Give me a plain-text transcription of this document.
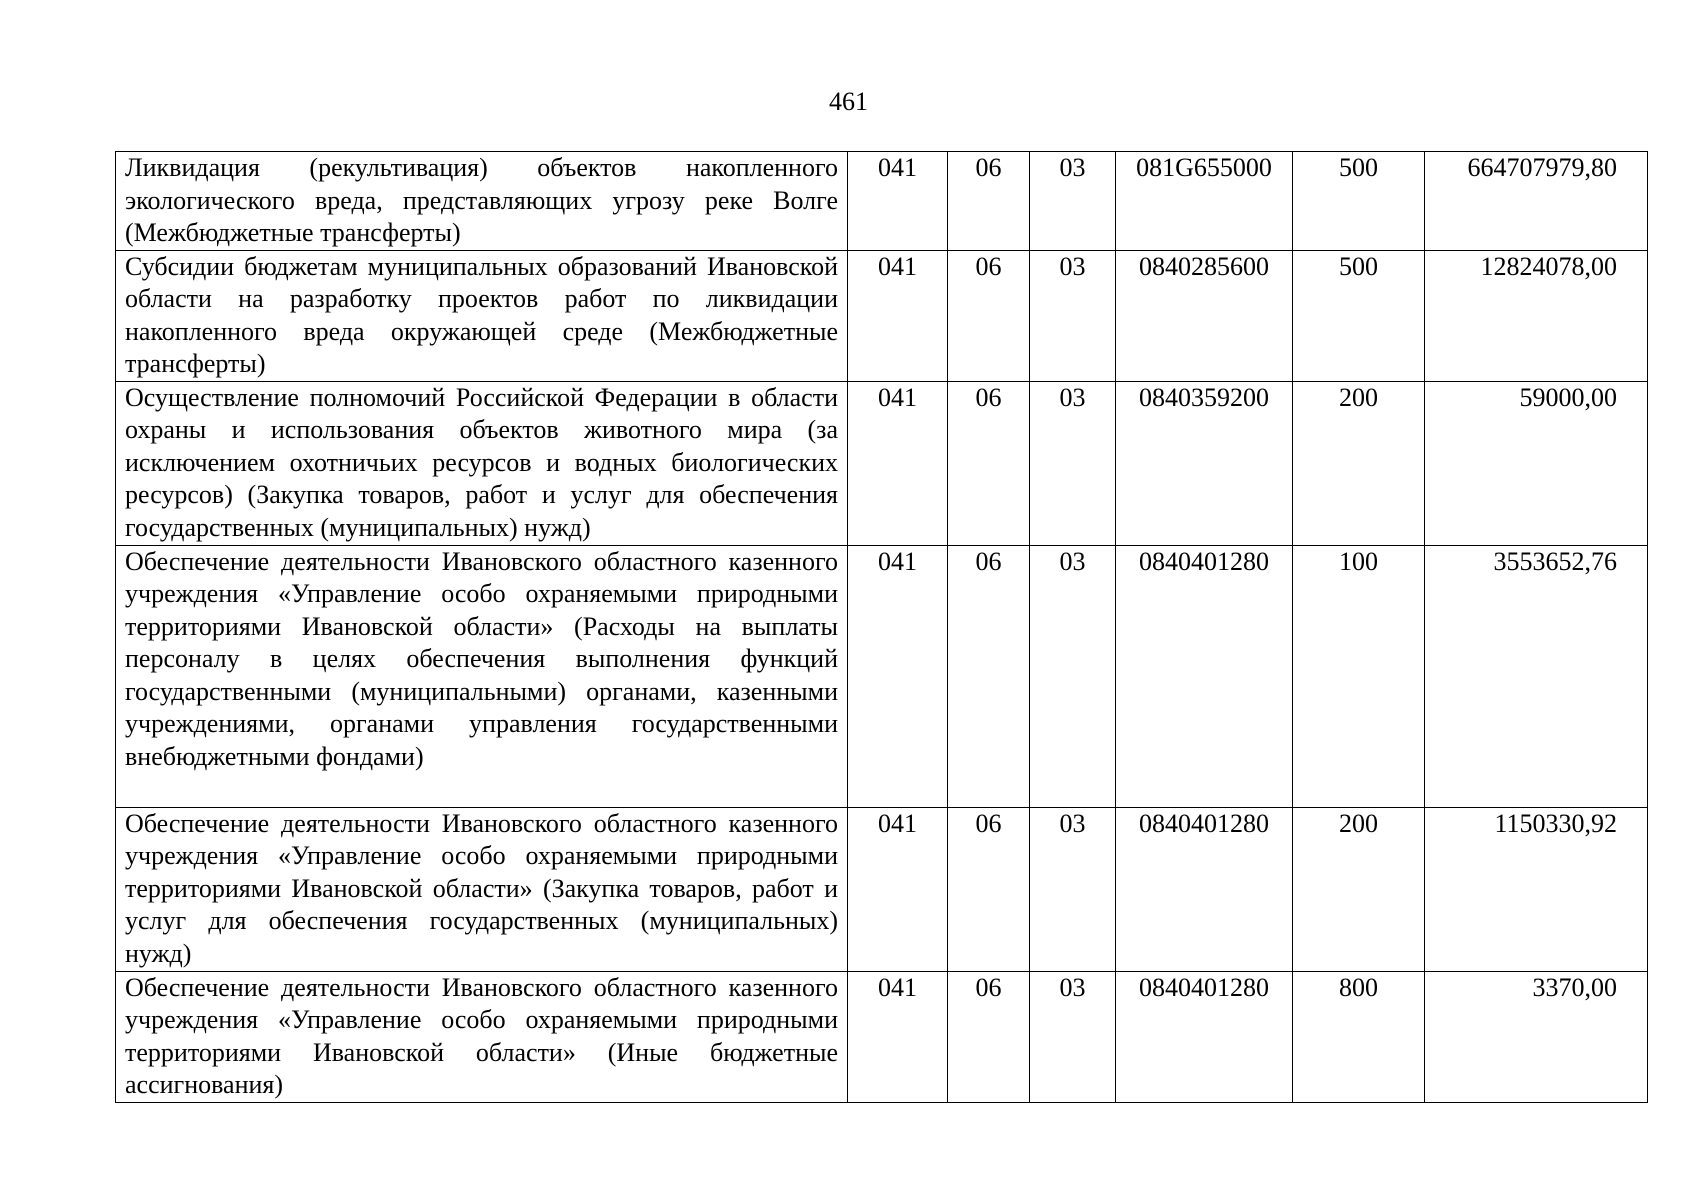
461
Ликвидация (рекультивация) объектов накопленного экологического вреда, представляющих угрозу реке Волге (Межбюджетные трансферты)	041	06	03	081G655000	500	664707979,80
Субсидии бюджетам муниципальных образований Ивановской области на разработку проектов работ по ликвидации накопленного вреда окружающей среде (Межбюджетные трансферты)	041	06	03	0840285600	500	12824078,00
Осуществление полномочий Российской Федерации в области охраны и использования объектов животного мира (за исключением охотничьих ресурсов и водных биологических ресурсов) (Закупка товаров, работ и услуг для обеспечения государственных (муниципальных) нужд)	041	06	03	0840359200	200	59000,00
Обеспечение деятельности Ивановского областного казенного учреждения «Управление особо охраняемыми природными территориями Ивановской области» (Расходы на выплаты персоналу в целях обеспечения выполнения функций государственными (муниципальными) органами, казенными учреждениями, органами управления государственными внебюджетными фондами)	041	06	03	0840401280	100	3553652,76
Обеспечение деятельности Ивановского областного казенного учреждения «Управление особо охраняемыми природными территориями Ивановской области» (Закупка товаров, работ и услуг для обеспечения государственных (муниципальных) нужд)	041	06	03	0840401280	200	1150330,92
Обеспечение деятельности Ивановского областного казенного учреждения «Управление особо охраняемыми природными территориями Ивановской области» (Иные бюджетные ассигнования)	041	06	03	0840401280	800	3370,00
